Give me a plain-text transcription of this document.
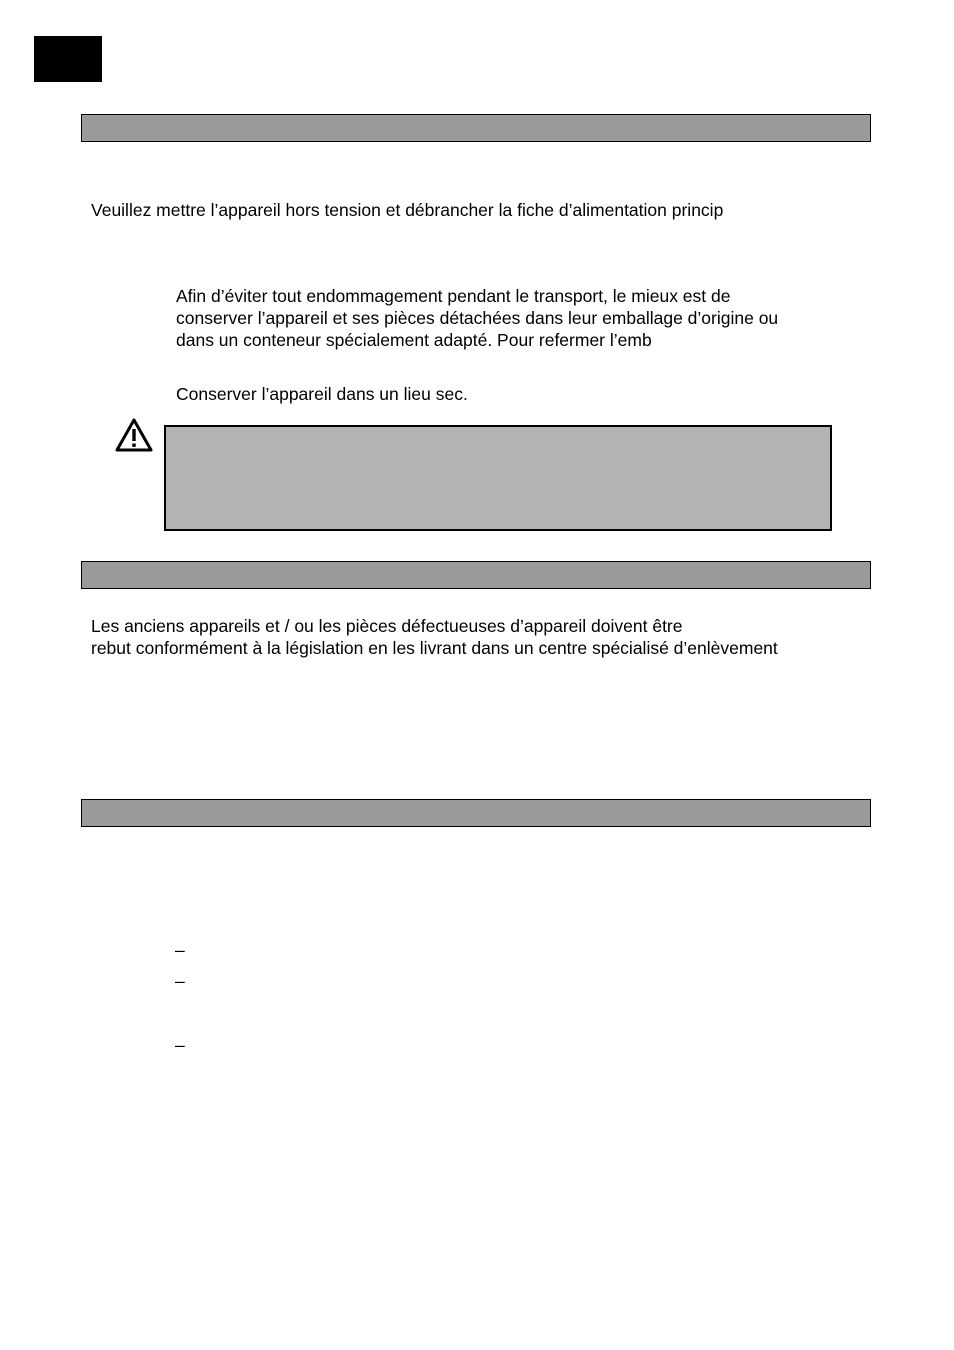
Veuillez mettre l’appareil hors tension et débrancher la fiche d’alimentation princip
Afin d’éviter tout endommagement pendant le transport, le mieux est de
conserver l’appareil et ses pièces détachées dans leur emballage d’origine ou
dans un conteneur spécialement adapté. Pour refermer l’emb
Conserver l’appareil dans un lieu sec.
Les anciens appareils et / ou les pièces défectueuses d’appareil doivent être
rebut conformément à la législation en les livrant dans un centre spécialisé d’enlèvement
–
–
–
